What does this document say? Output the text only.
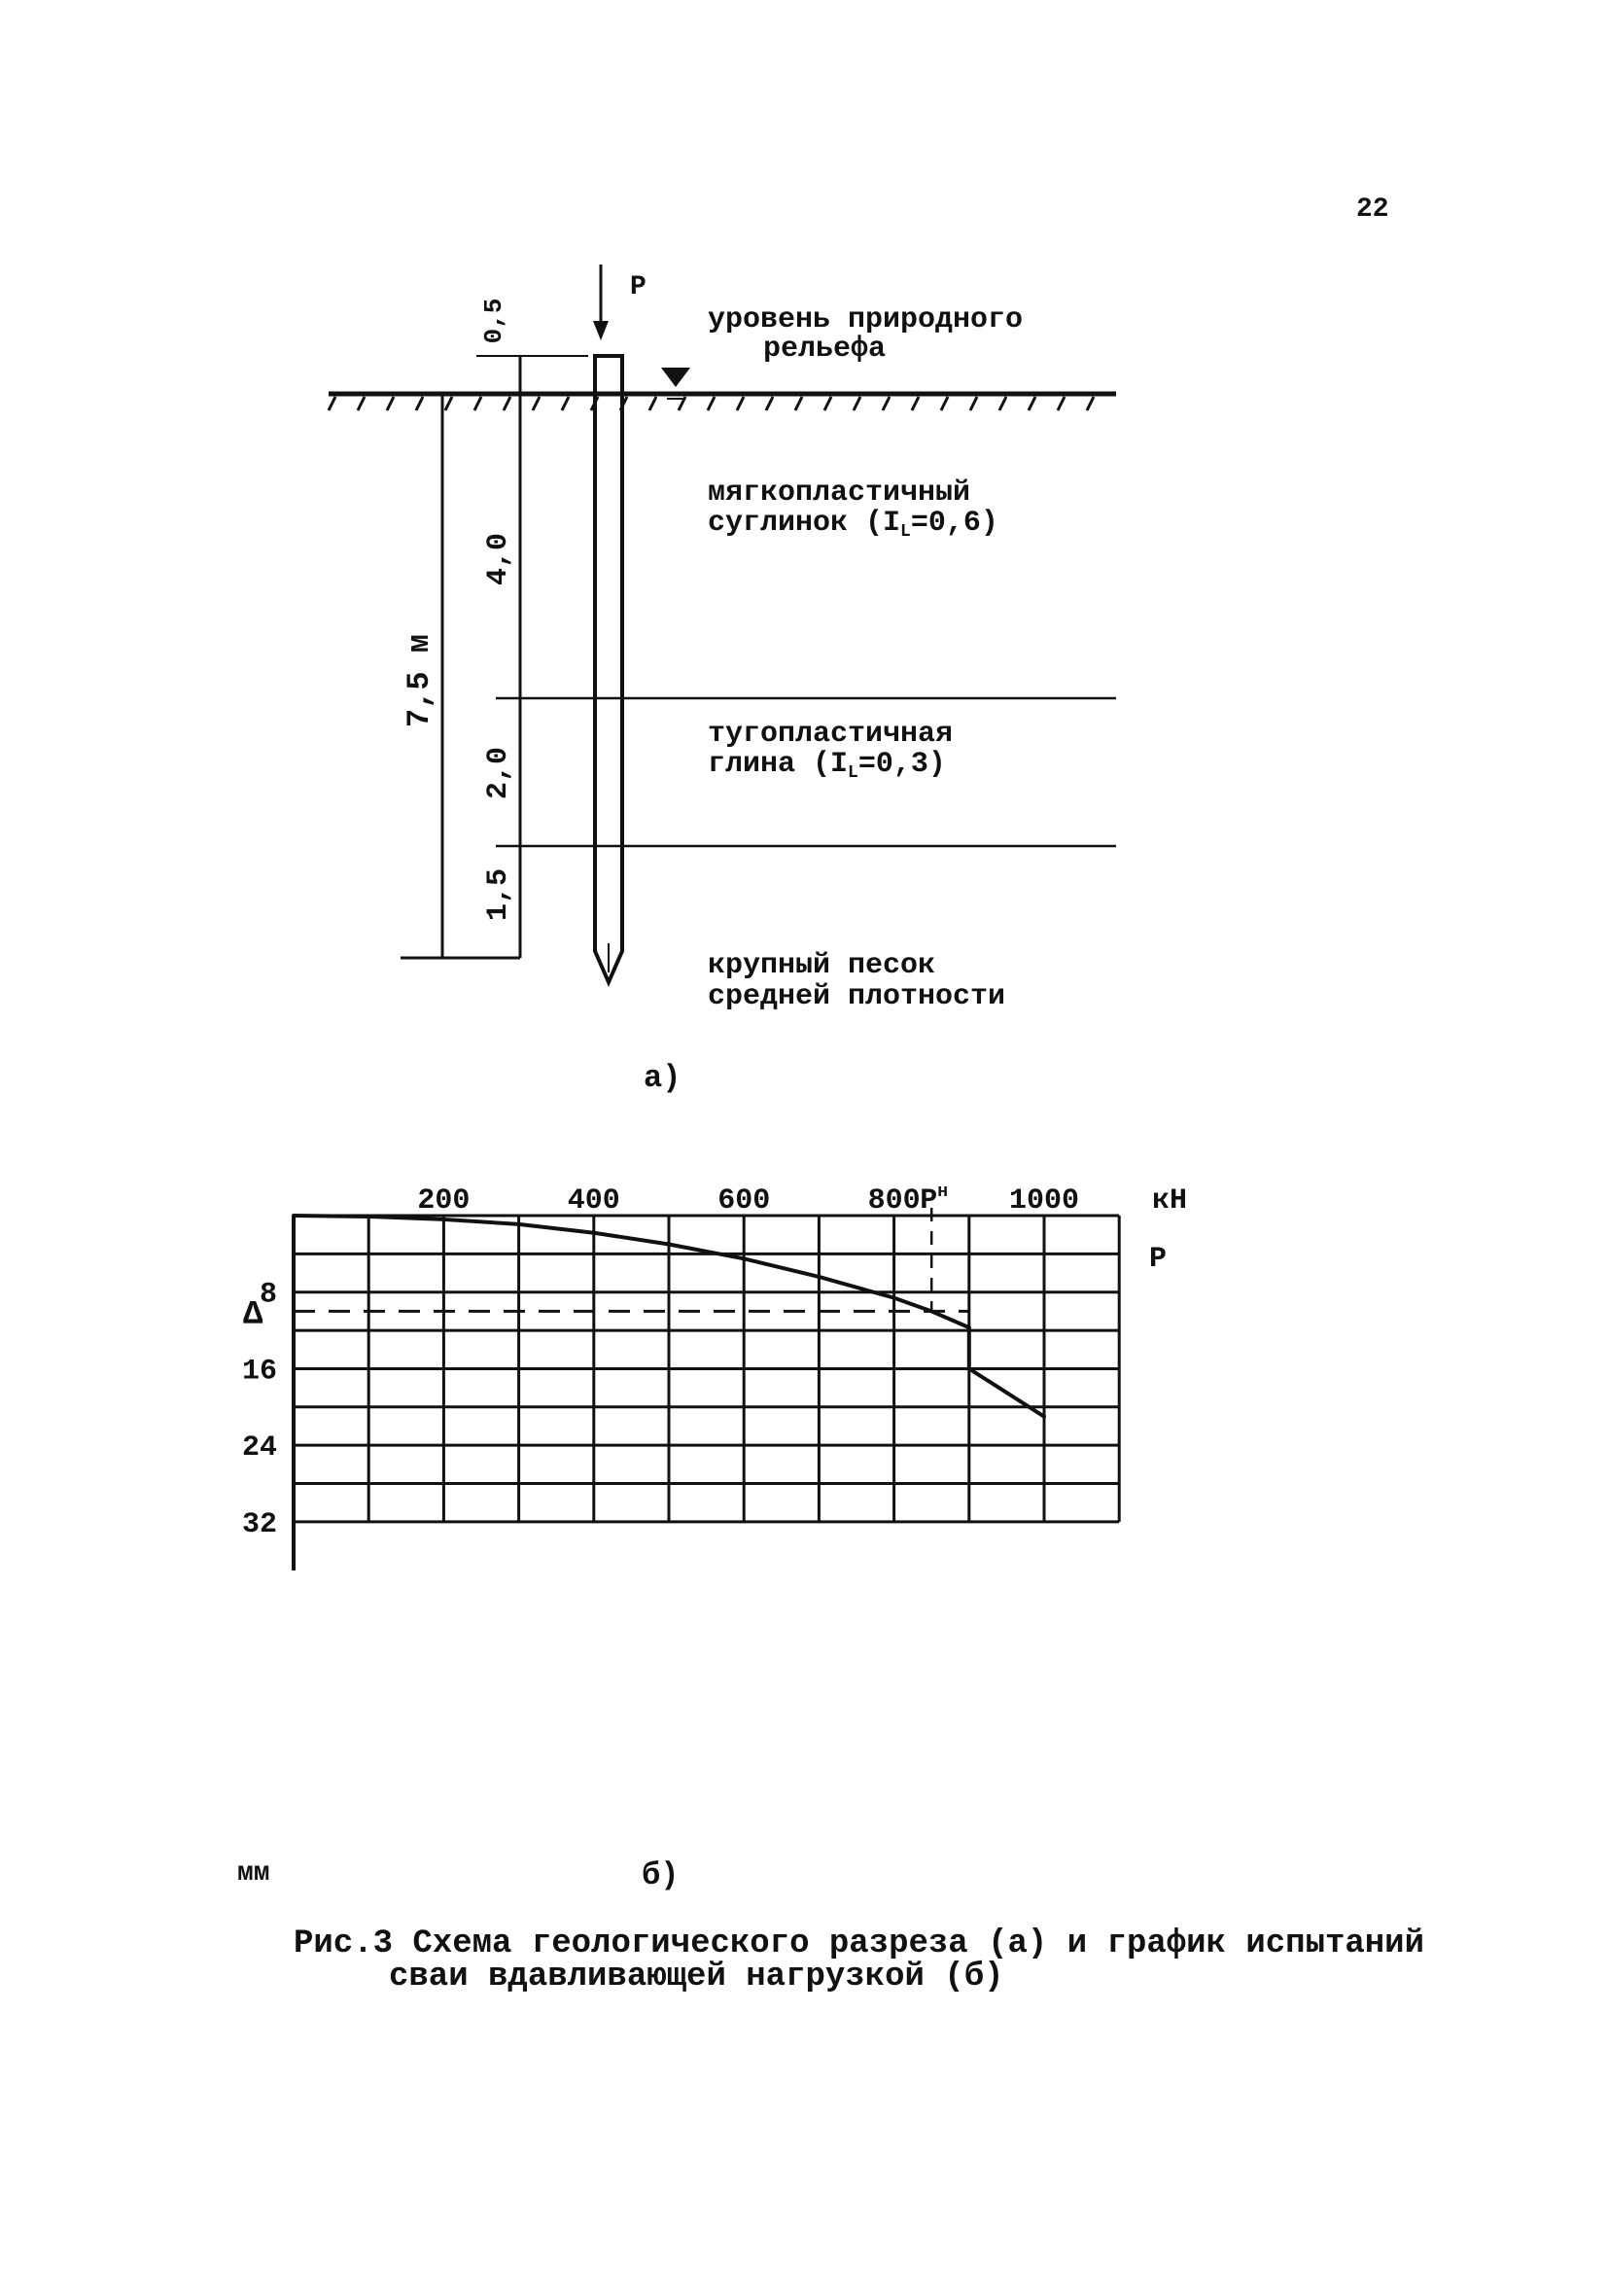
22
P
0,5
4,0
2,0
1,5
7,5 м
уровень природного
рельефа
мягкопластичный
суглинок $(I_L=0,6)$
тугопластичная
глина $(I_L=0,3)$
крупный песок
средней плотности
а)
$P^н$
Δ
200	400	600	800	1000
8
16
24
32
кН
P
мм	б)
Рис.3 Схема геологического разреза (а) и график испытаний
сваи вдавливающей нагрузкой (б)
